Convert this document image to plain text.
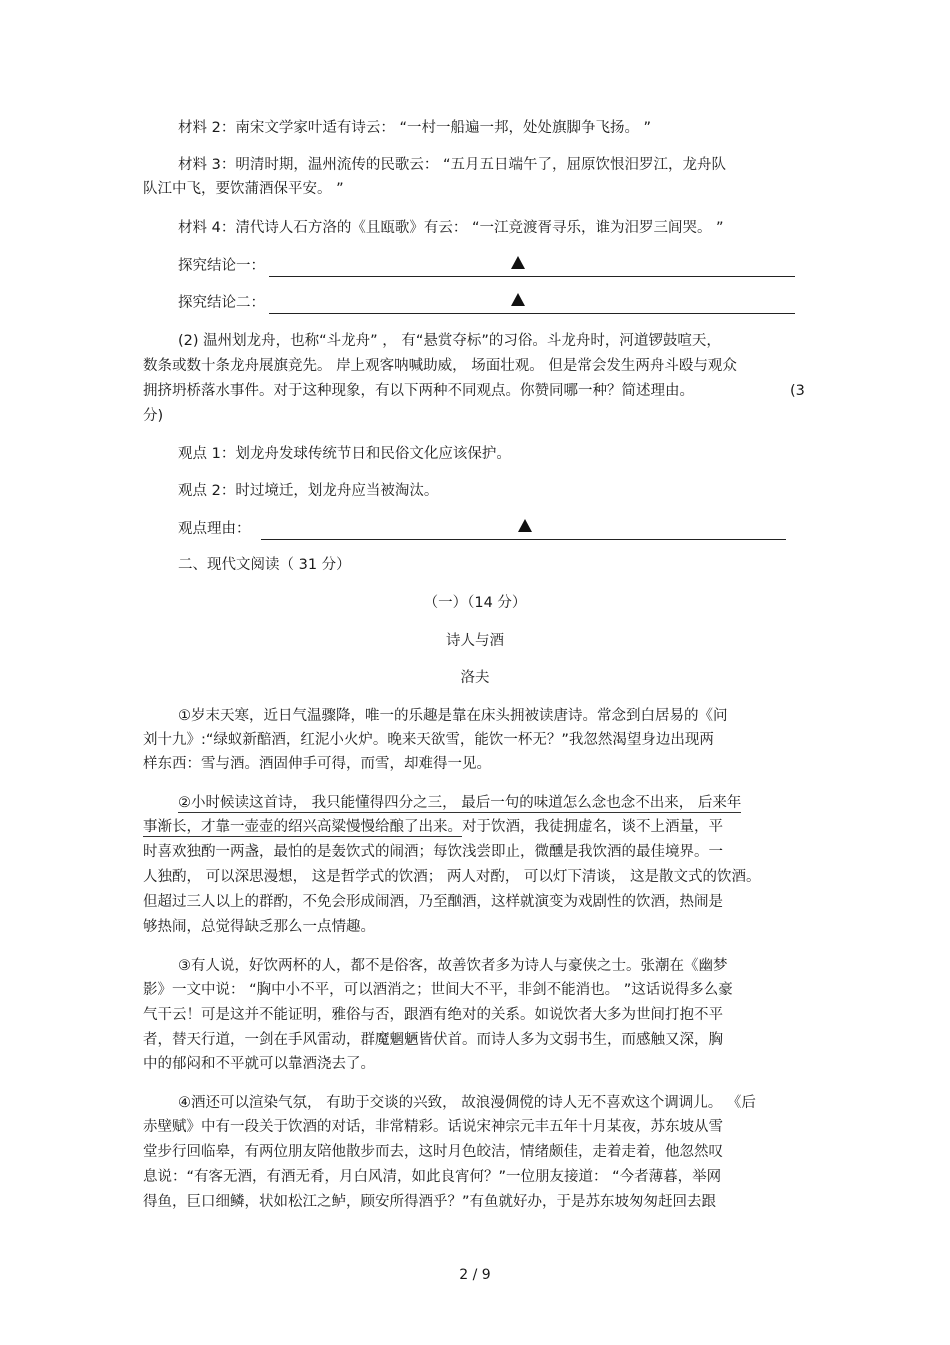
材料 2：南宋文学家叶适有诗云： “一村一船遍一邦，处处旗脚争飞扬。 ”
材料 3：明清时期，温州流传的民歌云： “五月五日端午了，屈原饮恨汨罗江，龙舟队
队江中飞，要饮蒲酒保平安。 ”
材料 4：清代诗人石方洛的《且瓯歌》有云： “一江竞渡胥寻乐，谁为汨罗三闾哭。 ”
探究结论一：
探究结论二：
(2) 温州划龙舟，也称“斗龙舟” ， 有“悬赏夺标”的习俗。斗龙舟时，河道锣鼓喧天，
数条或数十条龙舟展旗竞先。 岸上观客呐喊助威， 场面壮观。 但是常会发生两舟斗殴与观众
拥挤坍桥落水事件。对于这种现象，有以下两种不同观点。你赞同哪一种？简述理由。	(3
分)
观点 1：划龙舟发球传统节日和民俗文化应该保护。
观点 2：时过境迁，划龙舟应当被淘汰。
观点理由：
二、现代文阅读（ 31 分）
（一）（14 分）
诗人与酒
洛夫
①岁末天寒，近日气温骤降，唯一的乐趣是靠在床头拥被读唐诗。常念到白居易的《问
刘十九》:“绿蚁新醅酒，红泥小火炉。晚来天欲雪，能饮一杯无？”我忽然渴望身边出现两
样东西：雪与酒。酒固伸手可得，而雪，却难得一见。
②小时候读这首诗， 我只能懂得四分之三， 最后一句的味道怎么念也念不出来， 后来年
事渐长，才靠一壶壶的绍兴高粱慢慢给酿了出来。对于饮酒，我徒拥虚名，谈不上酒量，平
时喜欢独酌一两盏，最怕的是轰饮式的闹酒；每饮浅尝即止，微醺是我饮酒的最佳境界。一
人独酌， 可以深思漫想， 这是哲学式的饮酒； 两人对酌， 可以灯下清谈， 这是散文式的饮酒。
但超过三人以上的群酌，不免会形成闹酒，乃至酗酒，这样就演变为戏剧性的饮酒，热闹是
够热闹，总觉得缺乏那么一点情趣。
③有人说，好饮两杯的人，都不是俗客，故善饮者多为诗人与豪侠之士。张潮在《幽梦
影》一文中说： “胸中小不平，可以酒消之；世间大不平，非剑不能消也。 ”这话说得多么豪
气干云！可是这并不能证明，雅俗与否，跟酒有绝对的关系。如说饮者大多为世间打抱不平
者，替天行道，一剑在手风雷动，群魔魍魉皆伏首。而诗人多为文弱书生，而感触又深，胸
中的郁闷和不平就可以靠酒浇去了。
④酒还可以渲染气氛， 有助于交谈的兴致， 故浪漫倜傥的诗人无不喜欢这个调调儿。 《后
赤壁赋》中有一段关于饮酒的对话，非常精彩。话说宋神宗元丰五年十月某夜，苏东坡从雪
堂步行回临皋，有两位朋友陪他散步而去，这时月色皎洁，情绪颇佳，走着走着，他忽然叹
息说：“有客无酒，有酒无肴，月白风清，如此良宵何？”一位朋友接道： “今者薄暮，举网
得鱼，巨口细鳞，状如松江之鲈，顾安所得酒乎？”有鱼就好办，于是苏东坡匆匆赶回去跟
2 / 9
